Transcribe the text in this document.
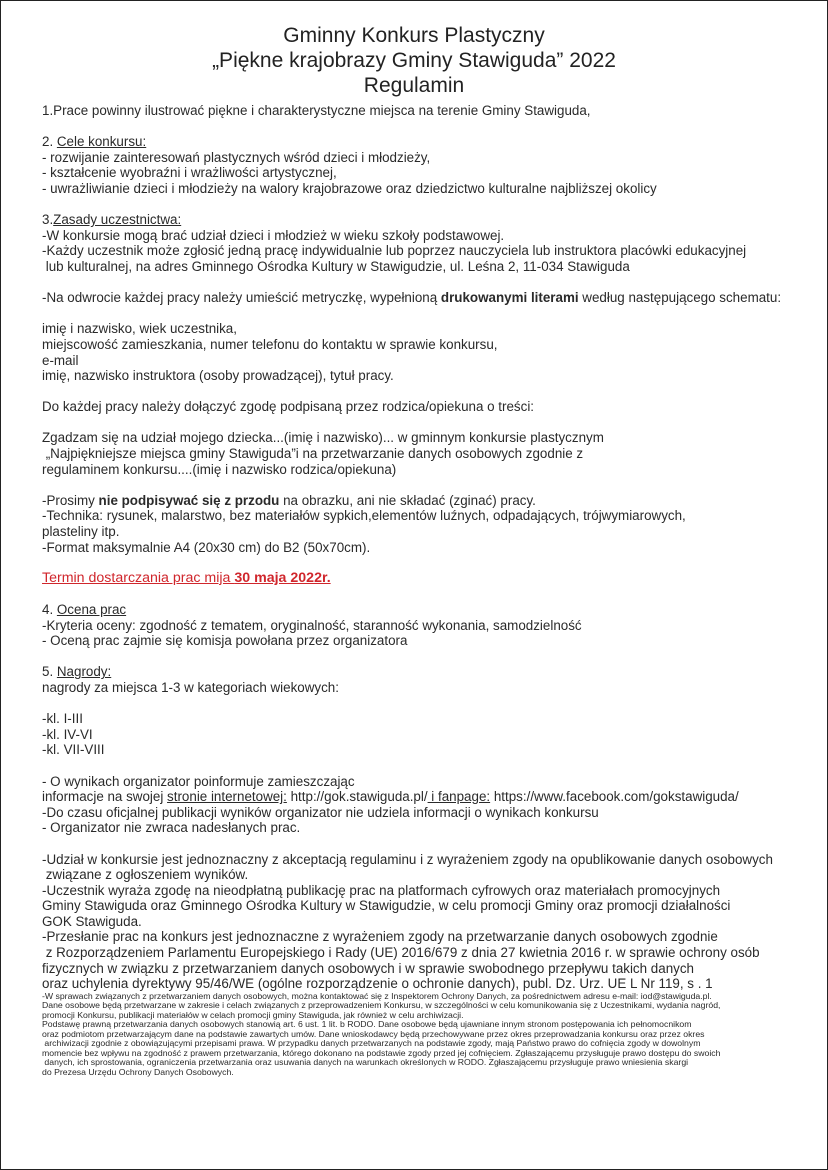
Gminny Konkurs Plastyczny
„Piękne krajobrazy Gminy Stawiguda” 2022
Regulamin
1.Prace powinny ilustrować piękne i charakterystyczne miejsca na terenie Gminy Stawiguda,
2. Cele konkursu:
- rozwijanie zainteresowań plastycznych wśród dzieci i młodzieży,
- kształcenie wyobraźni i wrażliwości artystycznej,
- uwrażliwianie dzieci i młodzieży na walory krajobrazowe oraz dziedzictwo kulturalne najbliższej okolicy
3.Zasady uczestnictwa:
-W konkursie mogą brać udział dzieci i młodzież w wieku szkoły podstawowej.
-Każdy uczestnik może zgłosić jedną pracę indywidualnie lub poprzez nauczyciela lub instruktora placówki edukacyjnej
lub kulturalnej, na adres Gminnego Ośrodka Kultury w Stawigudzie, ul. Leśna 2, 11-034 Stawiguda
-Na odwrocie każdej pracy należy umieścić metryczkę, wypełnioną drukowanymi literami według następującego schematu:
imię i nazwisko, wiek uczestnika,
miejscowość zamieszkania, numer telefonu do kontaktu w sprawie konkursu,
e-mail
imię, nazwisko instruktora (osoby prowadzącej), tytuł pracy.
Do każdej pracy należy dołączyć zgodę podpisaną przez rodzica/opiekuna o treści:
Zgadzam się na udział mojego dziecka...(imię i nazwisko)... w gminnym konkursie plastycznym
„Najpiękniejsze miejsca gminy Stawiguda”i na przetwarzanie danych osobowych zgodnie z
regulaminem konkursu....(imię i nazwisko rodzica/opiekuna)
-Prosimy nie podpisywać się z przodu na obrazku, ani nie składać (zginać) pracy.
-Technika: rysunek, malarstwo, bez materiałów sypkich,elementów luźnych, odpadających, trójwymiarowych,
plasteliny itp.
-Format maksymalnie A4 (20x30 cm) do B2 (50x70cm).
Termin dostarczania prac mija 30 maja 2022r.
4. Ocena prac
-Kryteria oceny: zgodność z tematem, oryginalność, staranność wykonania, samodzielność
- Oceną prac zajmie się komisja powołana przez organizatora
5. Nagrody:
nagrody za miejsca 1-3 w kategoriach wiekowych:
-kl. I-III
-kl. IV-VI
-kl. VII-VIII
- O wynikach organizator poinformuje zamieszczając
informacje na swojej stronie internetowej: http://gok.stawiguda.pl/ i fanpage: https://www.facebook.com/gokstawiguda/
-Do czasu oficjalnej publikacji wyników organizator nie udziela informacji o wynikach konkursu
- Organizator nie zwraca nadesłanych prac.
-Udział w konkursie jest jednoznaczny z akceptacją regulaminu i z wyrażeniem zgody na opublikowanie danych osobowych
związane z ogłoszeniem wyników.
-Uczestnik wyraża zgodę na nieodpłatną publikację prac na platformach cyfrowych oraz materiałach promocyjnych
Gminy Stawiguda oraz Gminnego Ośrodka Kultury w Stawigudzie, w celu promocji Gminy oraz promocji działalności
GOK Stawiguda.
-Przesłanie prac na konkurs jest jednoznaczne z wyrażeniem zgody na przetwarzanie danych osobowych zgodnie
z Rozporządzeniem Parlamentu Europejskiego i Rady (UE) 2016/679 z dnia 27 kwietnia 2016 r. w sprawie ochrony osób
fizycznych w związku z przetwarzaniem danych osobowych i w sprawie swobodnego przepływu takich danych
oraz uchylenia dyrektywy 95/46/WE (ogólne rozporządzenie o ochronie danych), publ. Dz. Urz. UE L Nr 119, s . 1
-W sprawach związanych z przetwarzaniem danych osobowych, można kontaktować się z Inspektorem Ochrony Danych, za pośrednictwem adresu e-mail: iod@stawiguda.pl.
Dane osobowe będą przetwarzane w zakresie i celach związanych z przeprowadzeniem Konkursu, w szczególności w celu komunikowania się z Uczestnikami, wydania nagród,
promocji Konkursu, publikacji materiałów w celach promocji gminy Stawiguda, jak również w celu archiwizacji.
Podstawę prawną przetwarzania danych osobowych stanowią art. 6 ust. 1 lit. b RODO. Dane osobowe będą ujawniane innym stronom postępowania ich pełnomocnikom
oraz podmiotom przetwarzającym dane na podstawie zawartych umów. Dane wnioskodawcy będą przechowywane przez okres przeprowadzania konkursu oraz przez okres
archiwizacji zgodnie z obowiązującymi przepisami prawa. W przypadku danych przetwarzanych na podstawie zgody, mają Państwo prawo do cofnięcia zgody w dowolnym
momencie bez wpływu na zgodność z prawem przetwarzania, którego dokonano na podstawie zgody przed jej cofnięciem. Zgłaszającemu przysługuje prawo dostępu do swoich
danych, ich sprostowania, ograniczenia przetwarzania oraz usuwania danych na warunkach określonych w RODO. Zgłaszającemu przysługuje prawo wniesienia skargi
do Prezesa Urzędu Ochrony Danych Osobowych.
